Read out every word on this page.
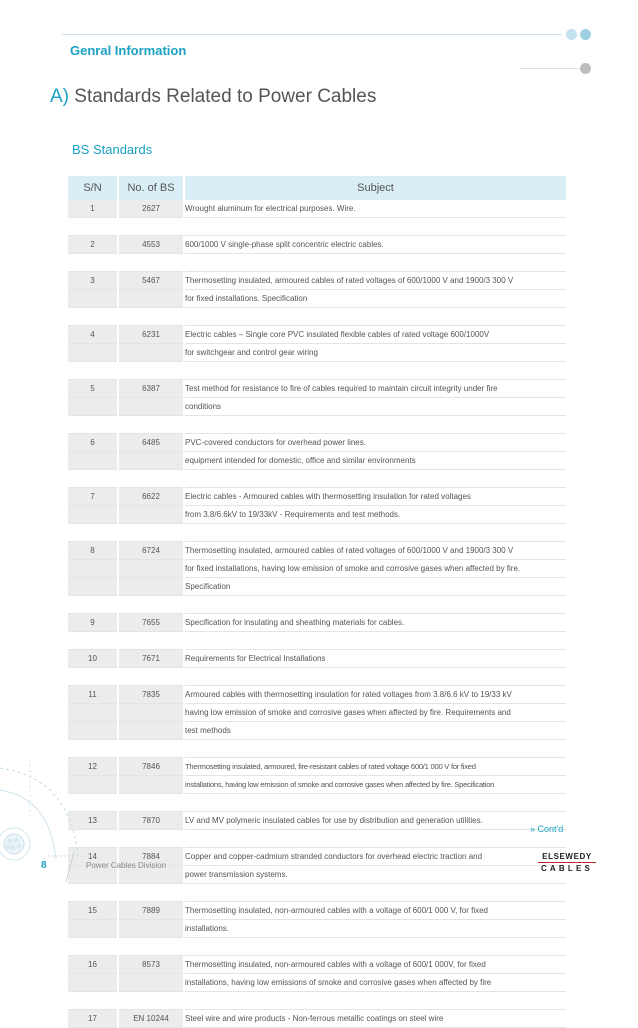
Genral Information
A) Standards Related to Power Cables
BS Standards
S/N	No. of BS	Subject
1	2627	Wrought aluminum for electrical purposes. Wire.

2	4553	600/1000 V single-phase split concentric electric cables.

3	5467	Thermosetting insulated, armoured cables of rated voltages of 600/1000 V and 1900/3 300 V
		for fixed installations. Specification

4	6231	Electric cables – Single core PVC insulated flexible cables of rated voltage 600/1000V
		for switchgear and control gear wiring

5	6387	Test method for resistance to fire of cables required to maintain circuit integrity under fire
		conditions

6	6485	PVC-covered conductors for overhead power lines.
		equipment intended for domestic, office and similar environments

7	6622	Electric cables - Armoured cables with thermosetting insulation for rated voltages
		from 3.8/6.6kV to 19/33kV - Requirements and test methods.

8	6724	Thermosetting insulated, armoured cables of rated voltages of 600/1000 V and 1900/3 300 V
		for fixed installations, having low emission of smoke and corrosive gases when affected by fire.
		Specification

9	7655	Specification for insulating and sheathing materials for cables.

10	7671	Requirements for Electrical Installations

11	7835	Armoured cables with thermosetting insulation for rated voltages from 3.8/6.6 kV to 19/33 kV
		having low emission of smoke and corrosive gases when affected by fire. Requirements and
		test methods

12	7846	Thermosetting insulated, armoured, fire-resistant cables of rated voltage 600/1 000 V for fixed
		installations, having low emission of smoke and corrosive gases when affected by fire. Specification

13	7870	LV and MV polymeric insulated cables for use by distribution and generation utilities.

14	7884	Copper and copper-cadmium stranded conductors for overhead electric traction and
		power transmission systems.

15	7889	Thermosetting insulated, non-armoured cables with a voltage of 600/1 000 V, for fixed
		installations.

16	8573	Thermosetting insulated, non-armoured cables with a voltage of 600/1 000V, for fixed
		installations, having low emissions of smoke and corrosive gases when affected by fire

17	EN 10244	Steel wire and wire products - Non-ferrous metallic coatings on steel wire
» Cont'd
8	Power Cables Division
ELSEWEDY
CABLES
